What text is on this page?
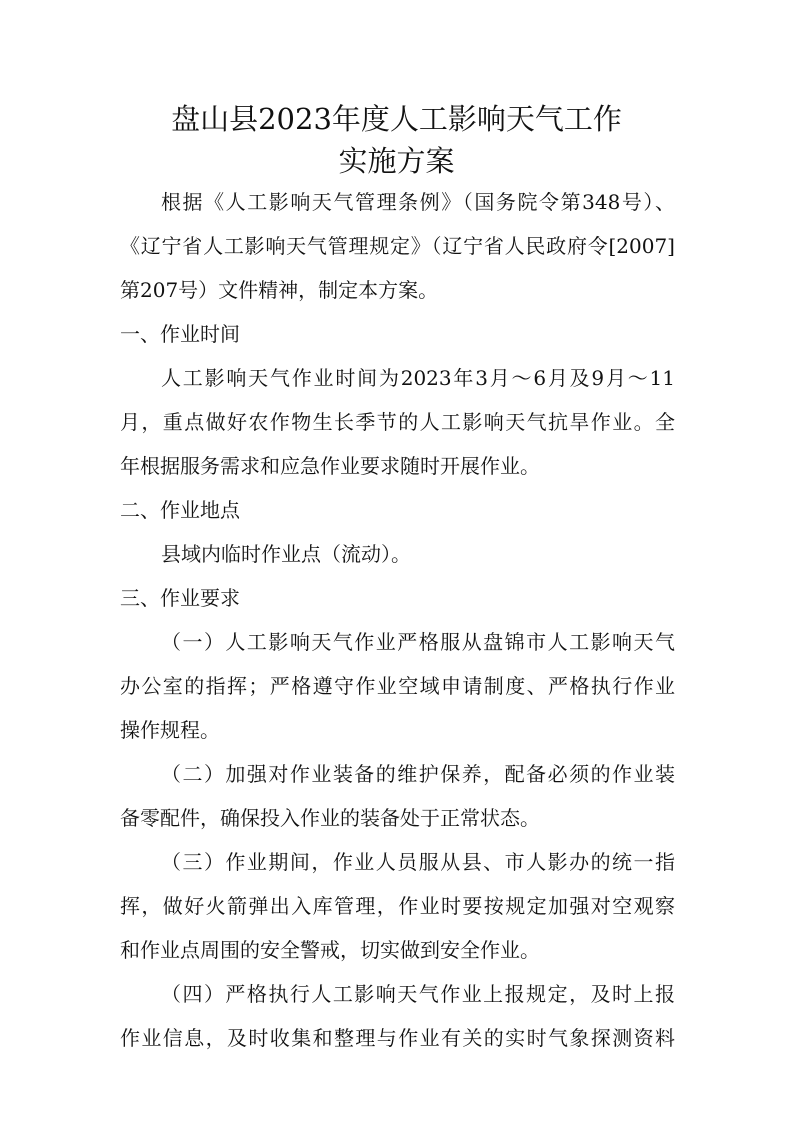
盘山县2023年度人工影响天气工作
实施方案
根据《人工影响天气管理条例》（国务院令第348号）、
《辽宁省人工影响天气管理规定》（辽宁省人民政府令[2007]
第207号）文件精神，制定本方案。
一、作业时间
人工影响天气作业时间为2023年3月～6月及9月～11
月，重点做好农作物生长季节的人工影响天气抗旱作业。全
年根据服务需求和应急作业要求随时开展作业。
二、作业地点
县域内临时作业点（流动）。
三、作业要求
（一）人工影响天气作业严格服从盘锦市人工影响天气
办公室的指挥；严格遵守作业空域申请制度、严格执行作业
操作规程。
（二）加强对作业装备的维护保养，配备必须的作业装
备零配件，确保投入作业的装备处于正常状态。
（三）作业期间，作业人员服从县、市人影办的统一指
挥，做好火箭弹出入库管理，作业时要按规定加强对空观察
和作业点周围的安全警戒，切实做到安全作业。
（四）严格执行人工影响天气作业上报规定，及时上报
作业信息，及时收集和整理与作业有关的实时气象探测资料
